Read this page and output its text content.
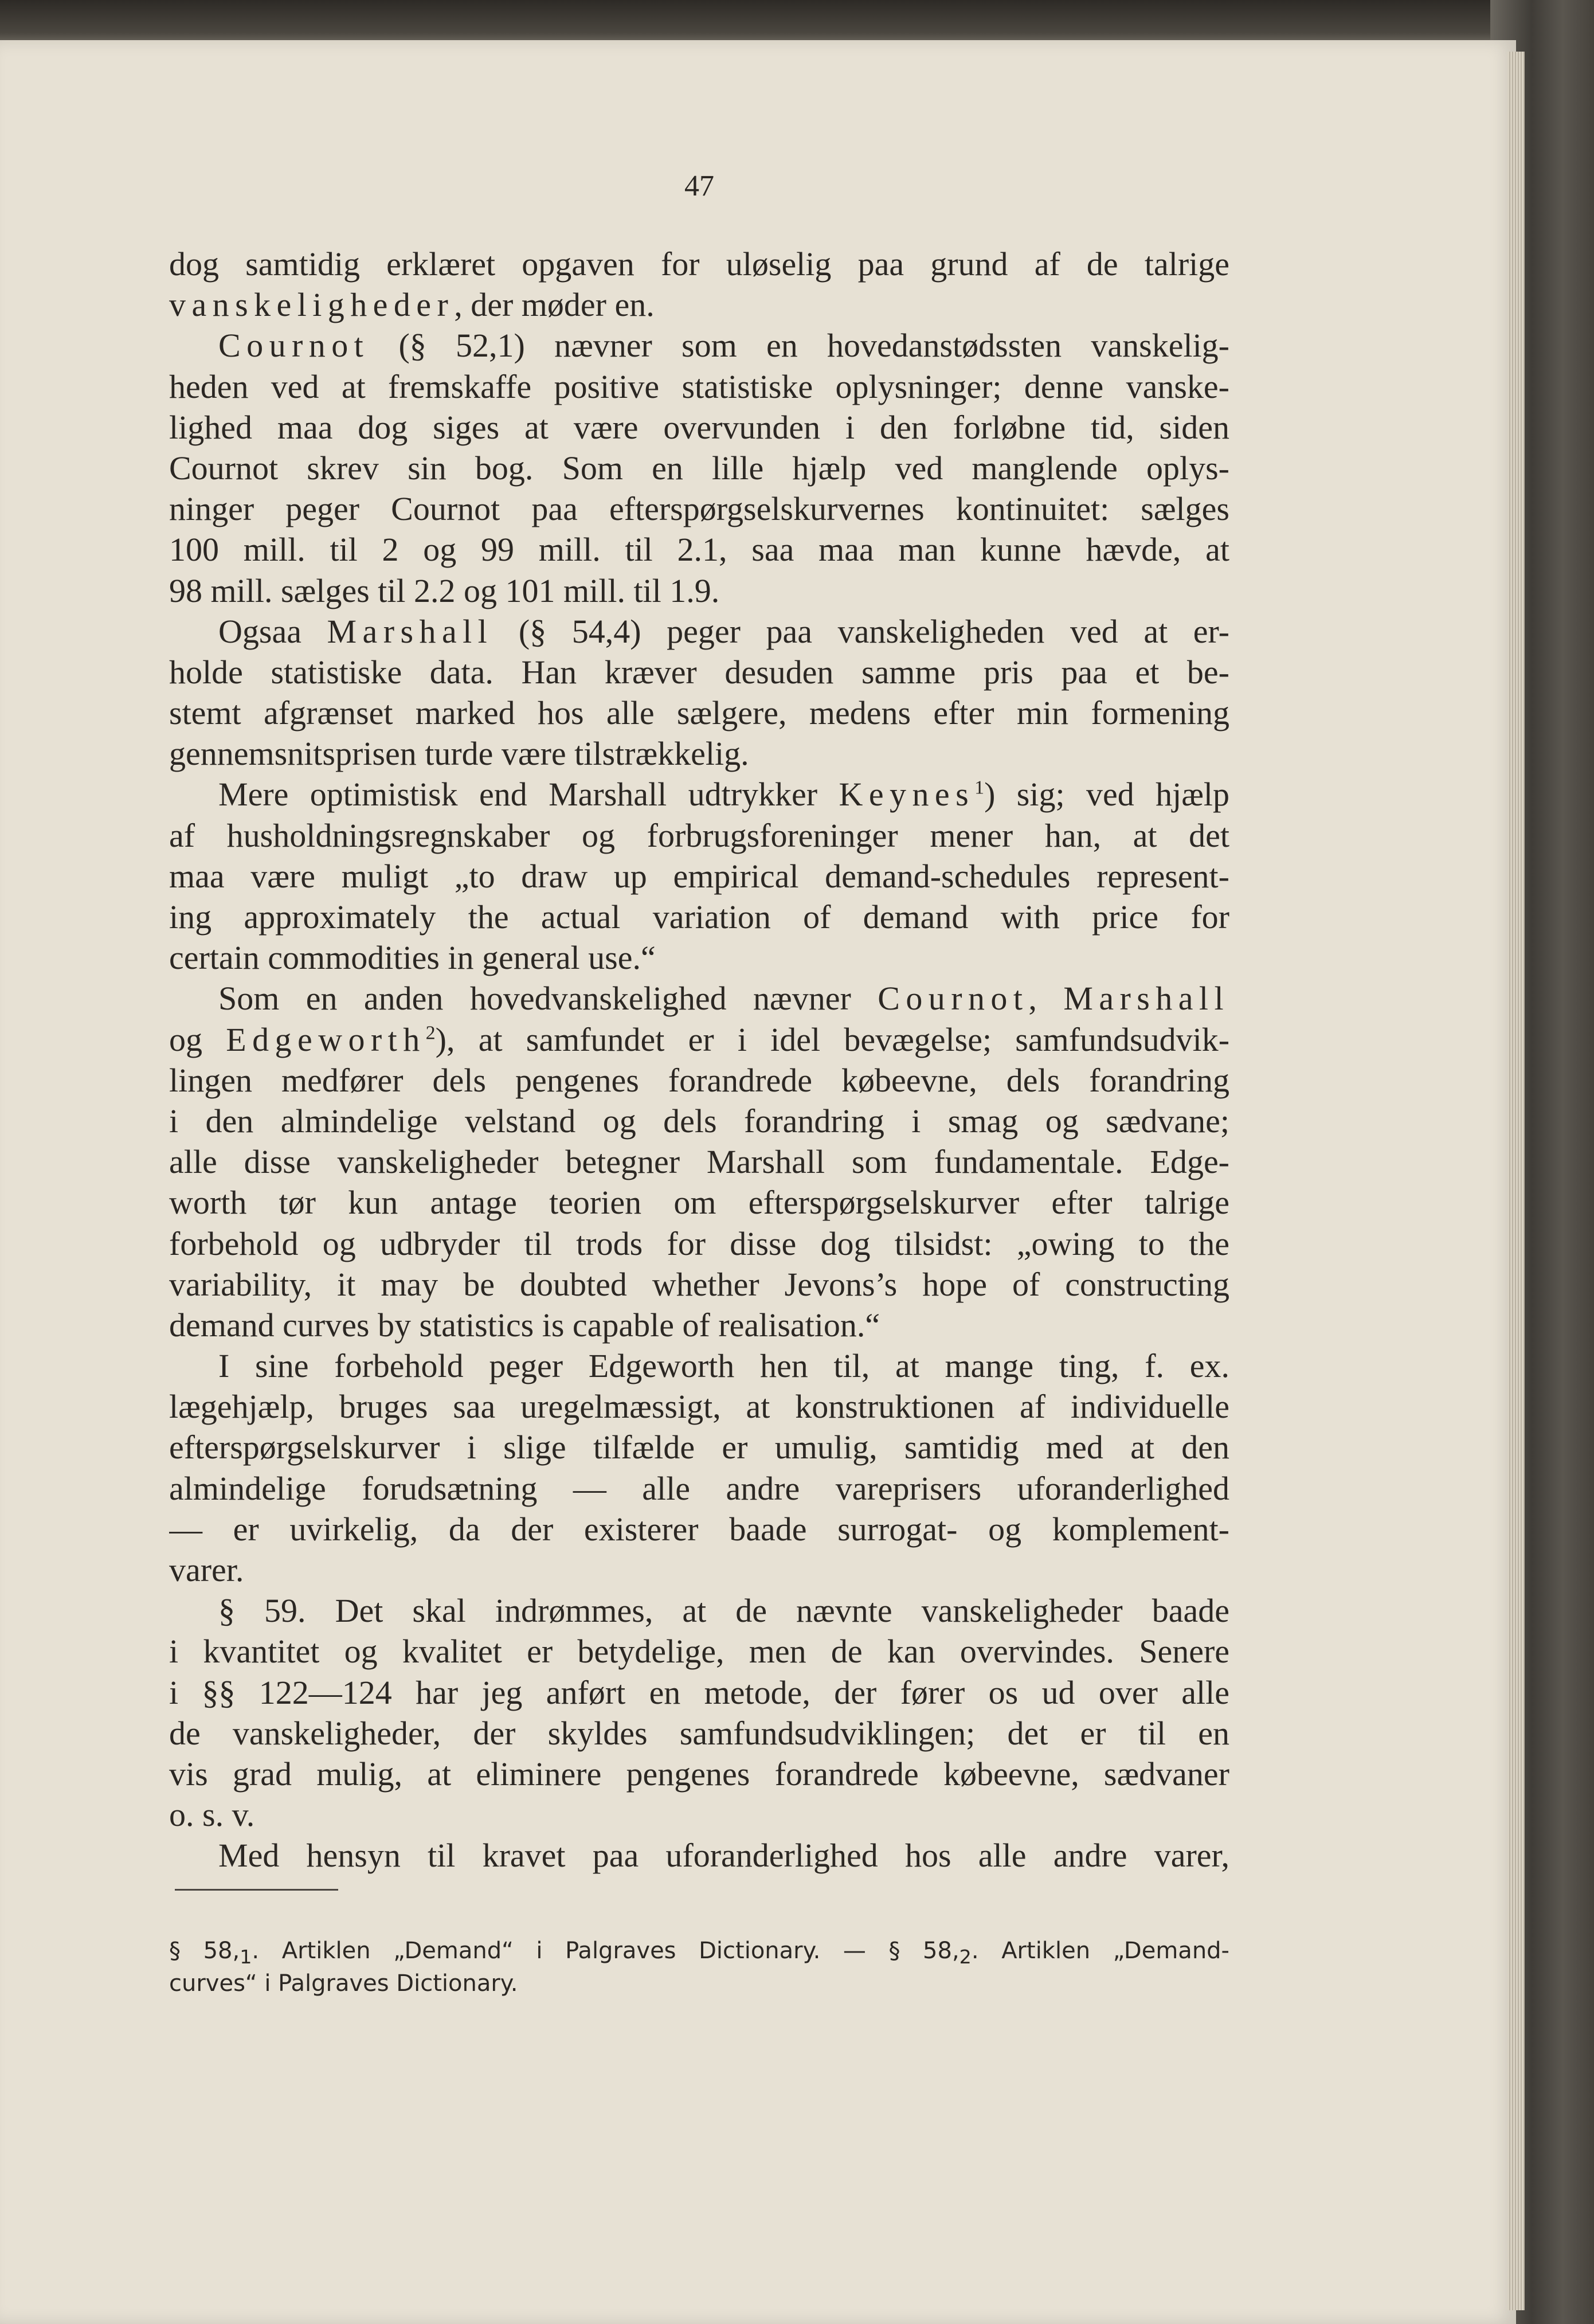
47
dog samtidig erklæret opgaven for uløselig paa grund af de talrige
vanskeligheder, der møder en.
Cournot (§ 52,1) nævner som en hovedanstødssten vanskelig-
heden ved at fremskaffe positive statistiske oplysninger; denne vanske-
lighed maa dog siges at være overvunden i den forløbne tid, siden
Cournot skrev sin bog. Som en lille hjælp ved manglende oplys-
ninger peger Cournot paa efterspørgselskurvernes kontinuitet: sælges
100 mill. til 2 og 99 mill. til 2.1, saa maa man kunne hævde, at
98 mill. sælges til 2.2 og 101 mill. til 1.9.
Ogsaa Marshall (§ 54,4) peger paa vanskeligheden ved at er-
holde statistiske data. Han kræver desuden samme pris paa et be-
stemt afgrænset marked hos alle sælgere, medens efter min formening
gennemsnitsprisen turde være tilstrækkelig.
Mere optimistisk end Marshall udtrykker Keynes$^1$) sig; ved hjælp
af husholdningsregnskaber og forbrugsforeninger mener han, at det
maa være muligt „to draw up empirical demand-schedules represent-
ing approximately the actual variation of demand with price for
certain commodities in general use.“
Som en anden hovedvanskelighed nævner Cournot, Marshall
og Edgeworth$^2$), at samfundet er i idel bevægelse; samfundsudvik-
lingen medfører dels pengenes forandrede købeevne, dels forandring
i den almindelige velstand og dels forandring i smag og sædvane;
alle disse vanskeligheder betegner Marshall som fundamentale. Edge-
worth tør kun antage teorien om efterspørgselskurver efter talrige
forbehold og udbryder til trods for disse dog tilsidst: „owing to the
variability, it may be doubted whether Jevons’s hope of constructing
demand curves by statistics is capable of realisation.“
I sine forbehold peger Edgeworth hen til, at mange ting, f. ex.
lægehjælp, bruges saa uregelmæssigt, at konstruktionen af individuelle
efterspørgselskurver i slige tilfælde er umulig, samtidig med at den
almindelige forudsætning — alle andre vareprisers uforanderlighed
— er uvirkelig, da der existerer baade surrogat- og komplement-
varer.
§ 59. Det skal indrømmes, at de nævnte vanskeligheder baade
i kvantitet og kvalitet er betydelige, men de kan overvindes. Senere
i §§ 122—124 har jeg anført en metode, der fører os ud over alle
de vanskeligheder, der skyldes samfundsudviklingen; det er til en
vis grad mulig, at eliminere pengenes forandrede købeevne, sædvaner
o. s. v.
Med hensyn til kravet paa uforanderlighed hos alle andre varer,
§ $58,_1$. Artiklen „Demand“ i Palgraves Dictionary. — § $58,_2$. Artiklen „Demand-
curves“ i Palgraves Dictionary.
